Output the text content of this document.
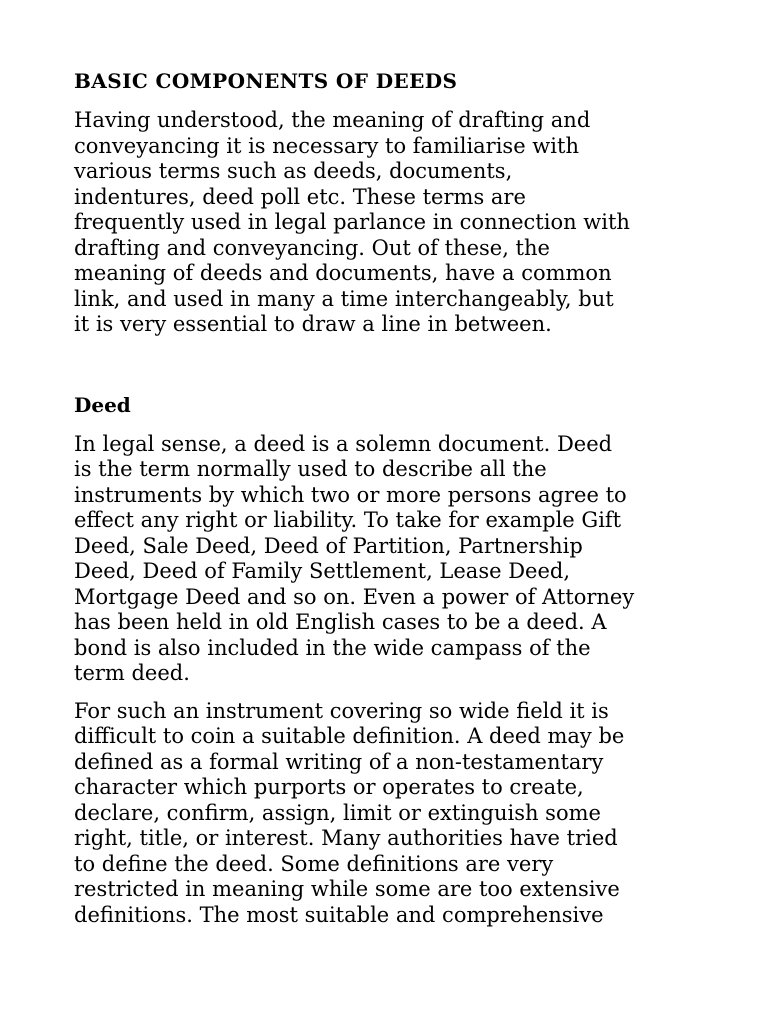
BASIC COMPONENTS OF DEEDS

Having understood, the meaning of drafting and
conveyancing it is necessary to familiarise with
various terms such as deeds, documents,
indentures, deed poll etc. These terms are
frequently used in legal parlance in connection with
drafting and conveyancing. Out of these, the
meaning of deeds and documents, have a common
link, and used in many a time interchangeably, but
it is very essential to draw a line in between.

Deed

In legal sense, a deed is a solemn document. Deed
is the term normally used to describe all the
instruments by which two or more persons agree to
effect any right or liability. To take for example Gift
Deed, Sale Deed, Deed of Partition, Partnership
Deed, Deed of Family Settlement, Lease Deed,
Mortgage Deed and so on. Even a power of Attorney
has been held in old English cases to be a deed. A
bond is also included in the wide campass of the
term deed.

For such an instrument covering so wide field it is
difficult to coin a suitable definition. A deed may be
defined as a formal writing of a non-testamentary
character which purports or operates to create,
declare, confirm, assign, limit or extinguish some
right, title, or interest. Many authorities have tried
to define the deed. Some definitions are very
restricted in meaning while some are too extensive
definitions. The most suitable and comprehensive
